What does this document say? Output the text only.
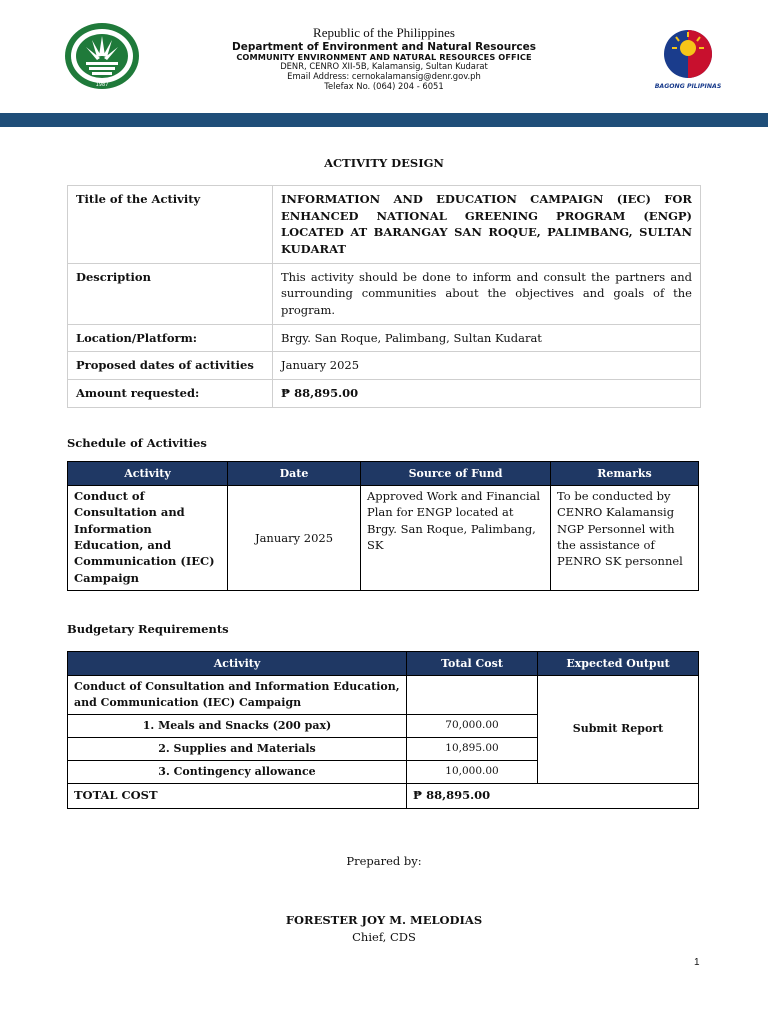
1987
Republic of the Philippines
Department of Environment and Natural Resources
COMMUNITY ENVIRONMENT AND NATURAL RESOURCES OFFICE
DENR, CENRO XII-5B, Kalamansig, Sultan Kudarat
Email Address: cernokalamansig@denr.gov.ph
Telefax No. (064) 204 - 6051	BAGONG PILIPINAS
ACTIVITY DESIGN
Title of the Activity	INFORMATION AND EDUCATION CAMPAIGN (IEC) FOR ENHANCED NATIONAL GREENING PROGRAM (ENGP) LOCATED AT BARANGAY SAN ROQUE, PALIMBANG, SULTAN KUDARAT
Description	This activity should be done to inform and consult the partners and surrounding communities about the objectives and goals of the program.
Location/Platform:	Brgy. San Roque, Palimbang, Sultan Kudarat
Proposed dates of activities	January 2025
Amount requested:	₱ 88,895.00
Schedule of Activities
Activity	Date	Source of Fund	Remarks
Conduct of Consultation and Information Education, and Communication (IEC) Campaign	January 2025	Approved Work and Financial Plan for ENGP located at Brgy. San Roque, Palimbang, SK	To be conducted by CENRO Kalamansig NGP Personnel with the assistance of PENRO SK personnel
Budgetary Requirements
Activity	Total Cost	Expected Output
Conduct of Consultation and Information Education, and Communication (IEC) Campaign		Submit Report
1. Meals and Snacks (200 pax)	70,000.00	
2. Supplies and Materials	10,895.00	
3. Contingency allowance	10,000.00	
TOTAL COST	₱ 88,895.00	
Prepared by:
FORESTER JOY M. MELODIAS
Chief, CDS
1
